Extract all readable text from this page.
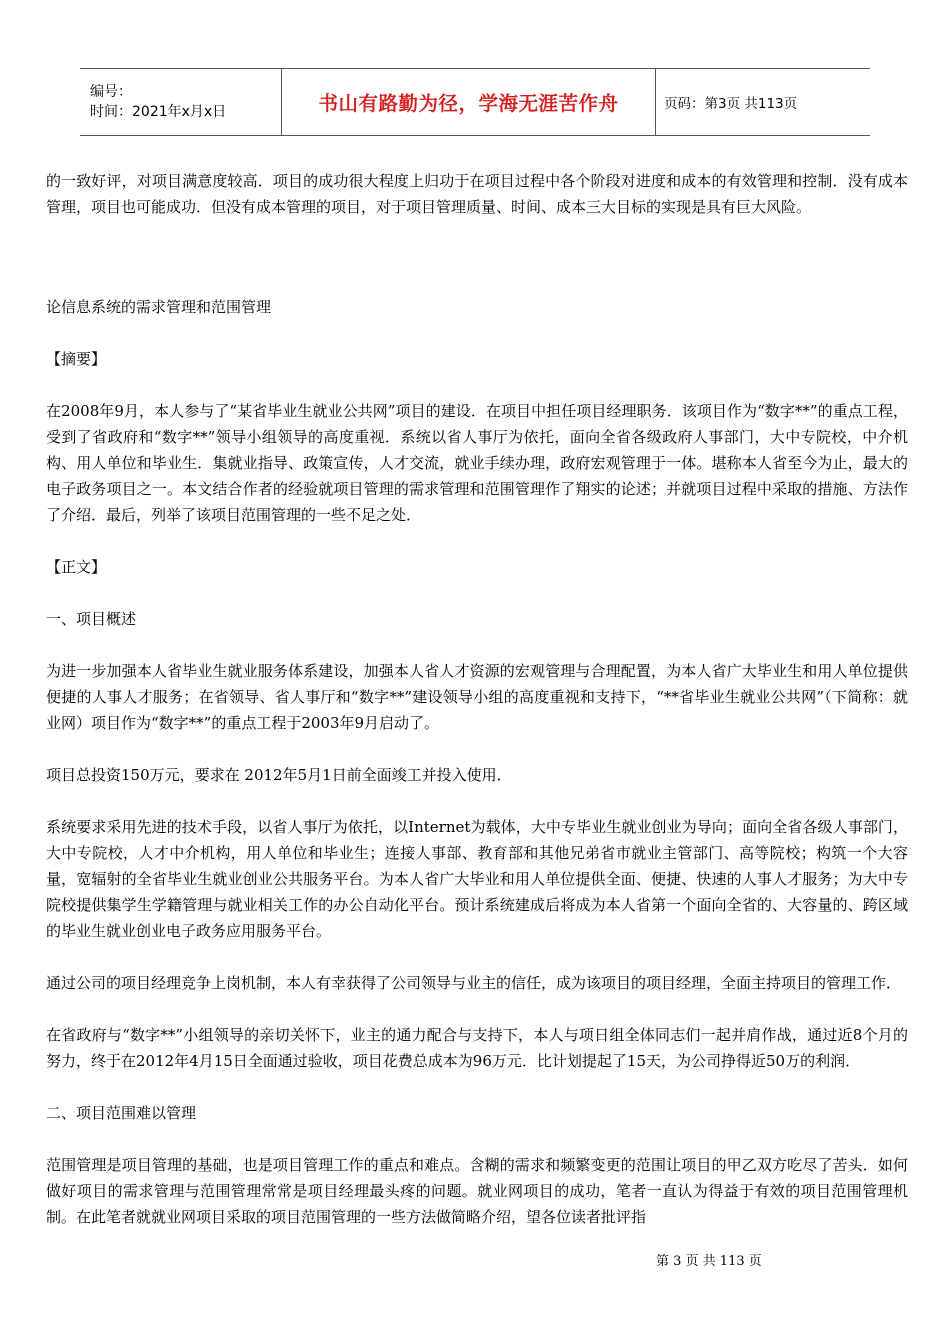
编号：
时间：2021年x月x日	书山有路勤为径，学海无涯苦作舟	页码：第3页 共113页

的一致好评，对项目满意度较高．项目的成功很大程度上归功于在项目过程中各个阶段对进度和成本的有效管理和控制．没有成本管理，项目也可能成功．但没有成本管理的项目，对于项目管理质量、时间、成本三大目标的实现是具有巨大风险。

论信息系统的需求管理和范围管理

【摘要】

在2008年9月，本人参与了“某省毕业生就业公共网”项目的建设．在项目中担任项目经理职务．该项目作为“数字**”的重点工程，受到了省政府和“数字**”领导小组领导的高度重视．系统以省人事厅为依托，面向全省各级政府人事部门，大中专院校，中介机构、用人单位和毕业生．集就业指导、政策宣传，人才交流，就业手续办理，政府宏观管理于一体。堪称本人省至今为止，最大的电子政务项目之一。本文结合作者的经验就项目管理的需求管理和范围管理作了翔实的论述；并就项目过程中采取的措施、方法作了介绍．最后，列举了该项目范围管理的一些不足之处．

【正文】

一、项目概述

为进一步加强本人省毕业生就业服务体系建设，加强本人省人才资源的宏观管理与合理配置，为本人省广大毕业生和用人单位提供便捷的人事人才服务；在省领导、省人事厅和“数字**”建设领导小组的高度重视和支持下，“**省毕业生就业公共网”（下简称：就业网）项目作为“数字**”的重点工程于2003年9月启动了。

项目总投资150万元，要求在 2012年5月1日前全面竣工并投入使用．

系统要求采用先进的技术手段，以省人事厅为依托，以Internet为载体，大中专毕业生就业创业为导向；面向全省各级人事部门，大中专院校，人才中介机构，用人单位和毕业生；连接人事部、教育部和其他兄弟省市就业主管部门、高等院校；构筑一个大容量，宽辐射的全省毕业生就业创业公共服务平台。为本人省广大毕业和用人单位提供全面、便捷、快速的人事人才服务；为大中专院校提供集学生学籍管理与就业相关工作的办公自动化平台。预计系统建成后将成为本人省第一个面向全省的、大容量的、跨区域的毕业生就业创业电子政务应用服务平台。

通过公司的项目经理竞争上岗机制，本人有幸获得了公司领导与业主的信任，成为该项目的项目经理，全面主持项目的管理工作．

在省政府与“数字**”小组领导的亲切关怀下，业主的通力配合与支持下，本人与项日组全体同志们一起并肩作战，通过近8个月的努力，终于在2012年4月15日全面通过验收，项目花费总成本为96万元．比计划提起了15天，为公司挣得近50万的利润．

二、项目范围难以管理

范围管理是项目管理的基础，也是项目管理工作的重点和难点。含糊的需求和频繁变更的范围让项目的甲乙双方吃尽了苦头．如何做好项目的需求管理与范围管理常常是项目经理最头疼的问题。就业网项目的成功，笔者一直认为得益于有效的项目范围管理机制。在此笔者就就业网项目采取的项目范围管理的一些方法做简略介绍，望各位读者批评指

第 3 页 共 113 页
